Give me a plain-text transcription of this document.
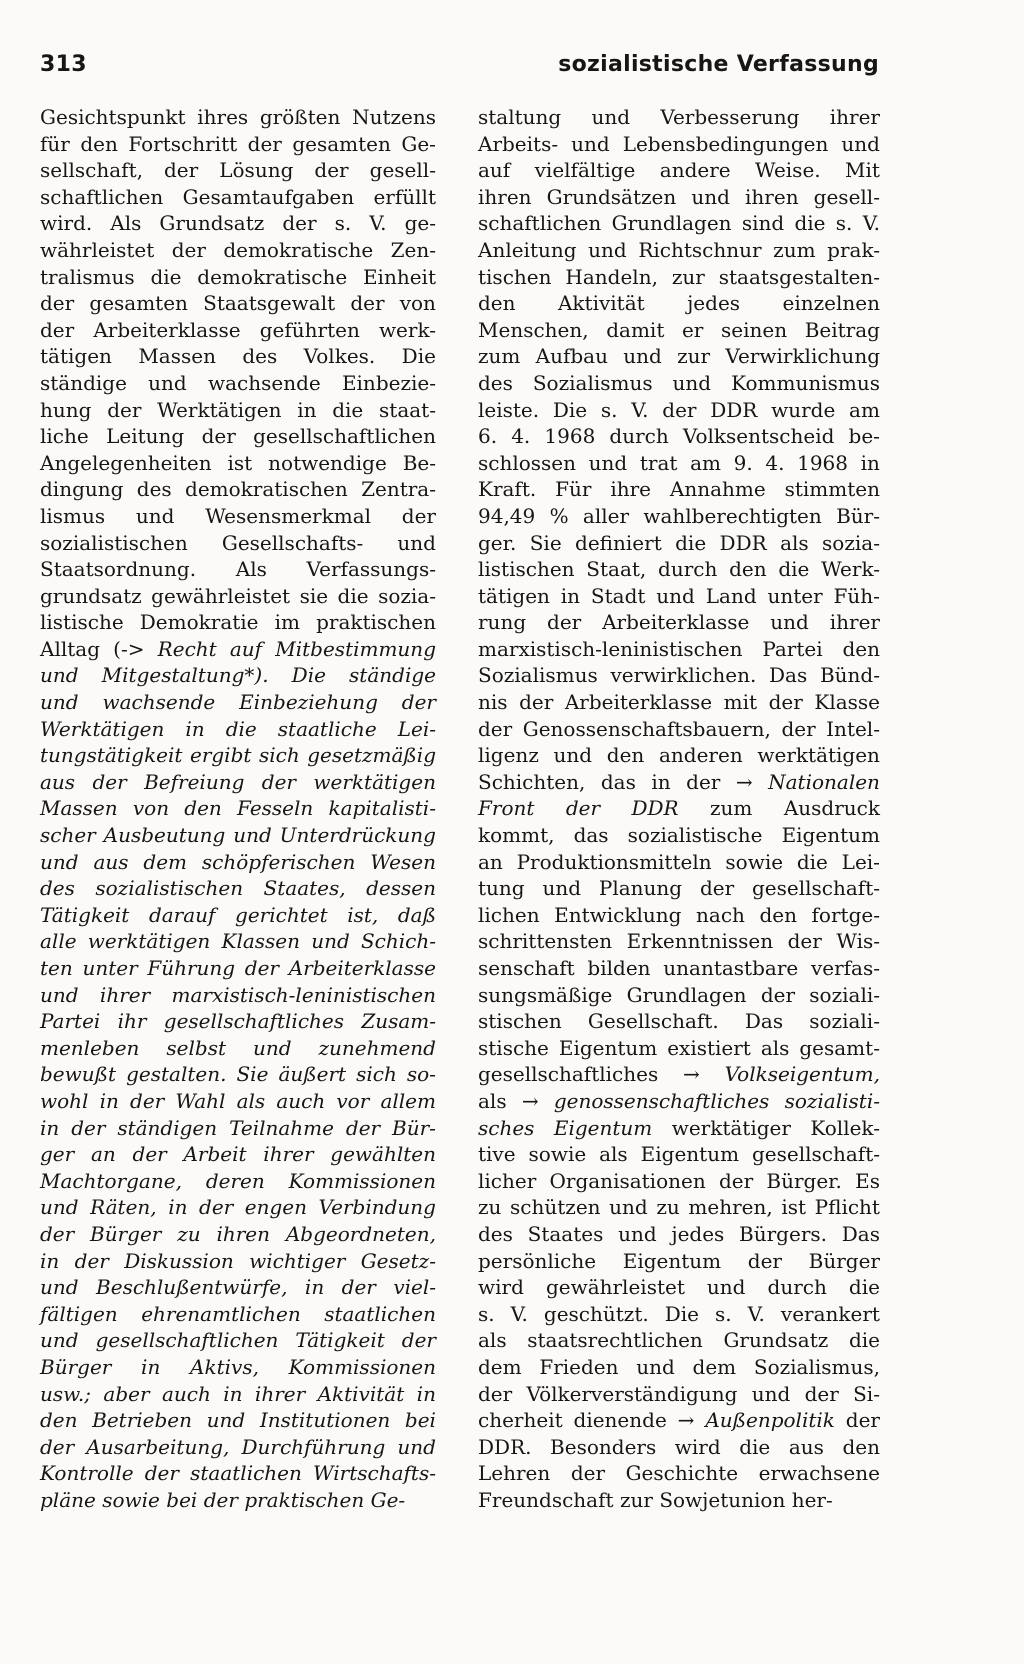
313	sozialistische Verfassung
Gesichtspunkt ihres größten Nutzens
für den Fortschritt der gesamten Ge-
sellschaft, der Lösung der gesell-
schaftlichen Gesamtaufgaben erfüllt
wird. Als Grundsatz der s. V. ge-
währleistet der demokratische Zen-
tralismus die demokratische Einheit
der gesamten Staatsgewalt der von
der Arbeiterklasse geführten werk-
tätigen Massen des Volkes. Die
ständige und wachsende Einbezie-
hung der Werktätigen in die staat-
liche Leitung der gesellschaftlichen
Angelegenheiten ist notwendige Be-
dingung des demokratischen Zentra-
lismus und Wesensmerkmal der
sozialistischen Gesellschafts- und
Staatsordnung. Als Verfassungs-
grundsatz gewährleistet sie die sozia-
listische Demokratie im praktischen
Alltag (-> Recht auf Mitbestimmung
und Mitgestaltung*). Die ständige
und wachsende Einbeziehung der
Werktätigen in die staatliche Lei-
tungstätigkeit ergibt sich gesetzmäßig
aus der Befreiung der werktätigen
Massen von den Fesseln kapitalisti-
scher Ausbeutung und Unterdrückung
und aus dem schöpferischen Wesen
des sozialistischen Staates, dessen
Tätigkeit darauf gerichtet ist, daß
alle werktätigen Klassen und Schich-
ten unter Führung der Arbeiterklasse
und ihrer marxistisch-leninistischen
Partei ihr gesellschaftliches Zusam-
menleben selbst und zunehmend
bewußt gestalten. Sie äußert sich so-
wohl in der Wahl als auch vor allem
in der ständigen Teilnahme der Bür-
ger an der Arbeit ihrer gewählten
Machtorgane, deren Kommissionen
und Räten, in der engen Verbindung
der Bürger zu ihren Abgeordneten,
in der Diskussion wichtiger Gesetz-
und Beschlußentwürfe, in der viel-
fältigen ehrenamtlichen staatlichen
und gesellschaftlichen Tätigkeit der
Bürger in Aktivs, Kommissionen
usw.; aber auch in ihrer Aktivität in
den Betrieben und Institutionen bei
der Ausarbeitung, Durchführung und
Kontrolle der staatlichen Wirtschafts-
pläne sowie bei der praktischen Ge-
staltung und Verbesserung ihrer
Arbeits- und Lebensbedingungen und
auf vielfältige andere Weise. Mit
ihren Grundsätzen und ihren gesell-
schaftlichen Grundlagen sind die s. V.
Anleitung und Richtschnur zum prak-
tischen Handeln, zur staatsgestalten-
den Aktivität jedes einzelnen
Menschen, damit er seinen Beitrag
zum Aufbau und zur Verwirklichung
des Sozialismus und Kommunismus
leiste. Die s. V. der DDR wurde am
6. 4. 1968 durch Volksentscheid be-
schlossen und trat am 9. 4. 1968 in
Kraft. Für ihre Annahme stimmten
94,49 % aller wahlberechtigten Bür-
ger. Sie definiert die DDR als sozia-
listischen Staat, durch den die Werk-
tätigen in Stadt und Land unter Füh-
rung der Arbeiterklasse und ihrer
marxistisch-leninistischen Partei den
Sozialismus verwirklichen. Das Bünd-
nis der Arbeiterklasse mit der Klasse
der Genossenschaftsbauern, der Intel-
ligenz und den anderen werktätigen
Schichten, das in der → Nationalen
Front der DDR zum Ausdruck
kommt, das sozialistische Eigentum
an Produktionsmitteln sowie die Lei-
tung und Planung der gesellschaft-
lichen Entwicklung nach den fortge-
schrittensten Erkenntnissen der Wis-
senschaft bilden unantastbare verfas-
sungsmäßige Grundlagen der soziali-
stischen Gesellschaft. Das soziali-
stische Eigentum existiert als gesamt-
gesellschaftliches → Volkseigentum,
als → genossenschaftliches sozialisti-
sches Eigentum werktätiger Kollek-
tive sowie als Eigentum gesellschaft-
licher Organisationen der Bürger. Es
zu schützen und zu mehren, ist Pflicht
des Staates und jedes Bürgers. Das
persönliche Eigentum der Bürger
wird gewährleistet und durch die
s. V. geschützt. Die s. V. verankert
als staatsrechtlichen Grundsatz die
dem Frieden und dem Sozialismus,
der Völkerverständigung und der Si-
cherheit dienende → Außenpolitik der
DDR. Besonders wird die aus den
Lehren der Geschichte erwachsene
Freundschaft zur Sowjetunion her-
